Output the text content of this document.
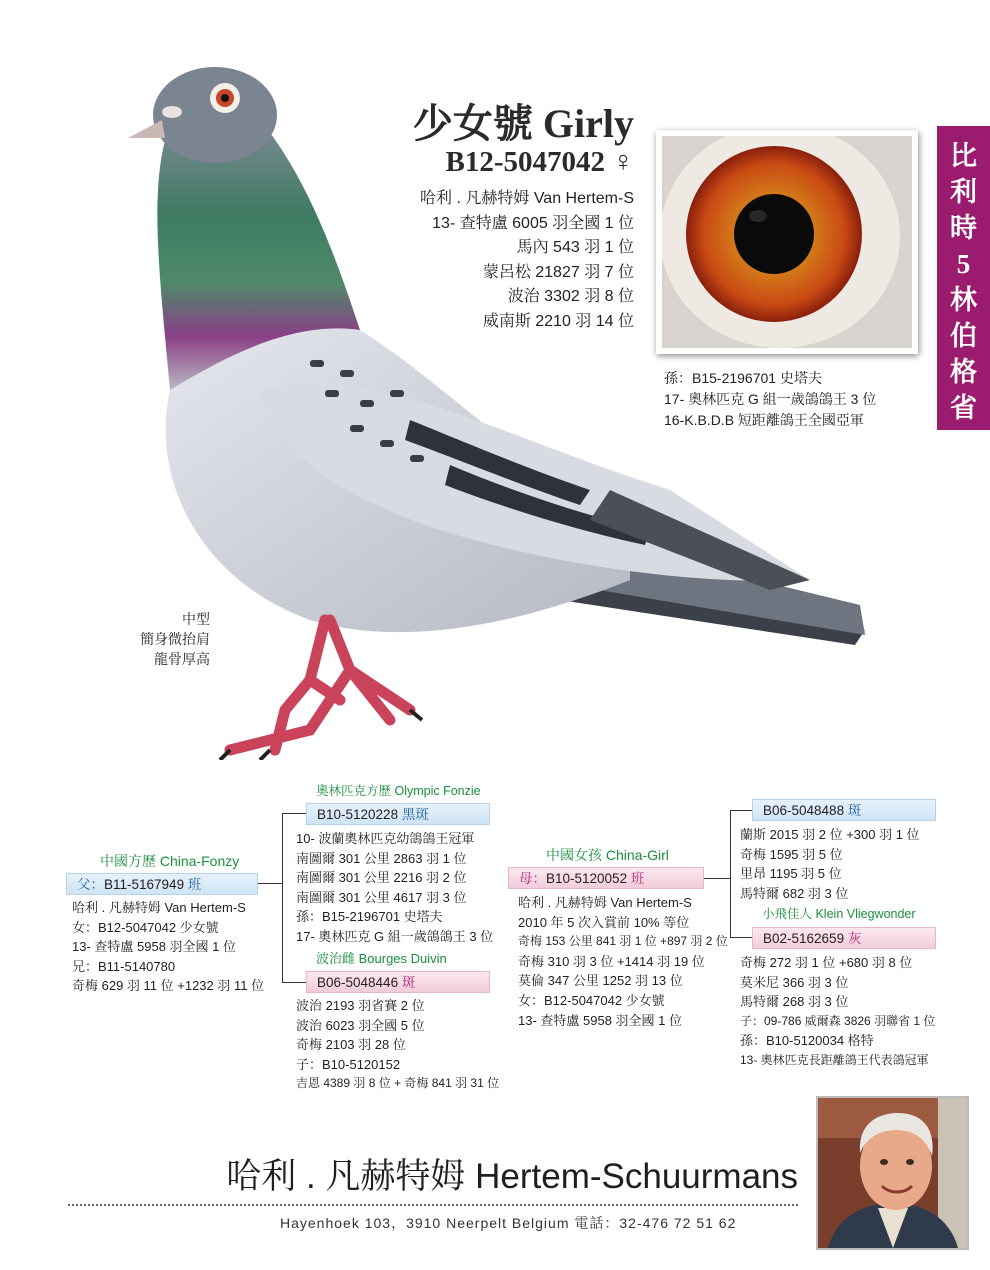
少女號 Girly
B12-5047042 ♀
哈利 . 凡赫特姆 Van Hertem-S
13- 查特盧 6005 羽全國 1 位
馬內 543 羽 1 位
蒙呂松 21827 羽 7 位
波治 3302 羽 8 位
威南斯 2210 羽 14 位
孫：B15-2196701 史塔夫
17- 奧林匹克 G 組一歲鴿鴿王 3 位
16-K.B.D.B 短距離鴿王全國亞軍
比
利
時
5
林
伯
格
省
中型
簡身微抬肩
龍骨厚高
中國方歷 China-Fonzy
父：B11-5167949 班
哈利 . 凡赫特姆 Van Hertem-S
女：B12-5047042 少女號
13- 查特盧 5958 羽全國 1 位
兄：B11-5140780
奇梅 629 羽 11 位 +1232 羽 11 位
奧林匹克方歷 Olympic Fonzie
B10-5120228 黑斑
10- 波蘭奧林匹克幼鴿鴿王冠軍
南圖爾 301 公里 2863 羽 1 位
南圖爾 301 公里 2216 羽 2 位
南圖爾 301 公里 4617 羽 3 位
孫：B15-2196701 史塔夫
17- 奧林匹克 G 組一歲鴿鴿王 3 位
波治雌 Bourges Duivin
B06-5048446 斑
波治 2193 羽省賽 2 位
波治 6023 羽全國 5 位
奇梅 2103 羽 28 位
子：B10-5120152
吉恩 4389 羽 8 位 + 奇梅 841 羽 31 位
中國女孩 China-Girl
母：B10-5120052 班
哈利 . 凡赫特姆 Van Hertem-S
2010 年 5 次入賞前 10% 等位
奇梅 153 公里 841 羽 1 位 +897 羽 2 位
奇梅 310 羽 3 位 +1414 羽 19 位
莫倫 347 公里 1252 羽 13 位
女：B12-5047042 少女號
13- 查特盧 5958 羽全國 1 位
B06-5048488 斑
蘭斯 2015 羽 2 位 +300 羽 1 位
奇梅 1595 羽 5 位
里昂 1195 羽 5 位
馬特爾 682 羽 3 位
小飛佳人 Klein Vliegwonder
B02-5162659 灰
奇梅 272 羽 1 位 +680 羽 8 位
莫米尼 366 羽 3 位
馬特爾 268 羽 3 位
子：09-786 威爾森 3826 羽聯省 1 位
孫：B10-5120034 格特
13- 奧林匹克長距離鴿王代表鴿冠軍
哈利 . 凡赫特姆 Hertem-Schuurmans
Hayenhoek 103，3910 Neerpelt Belgium 電話：32-476 72 51 62
